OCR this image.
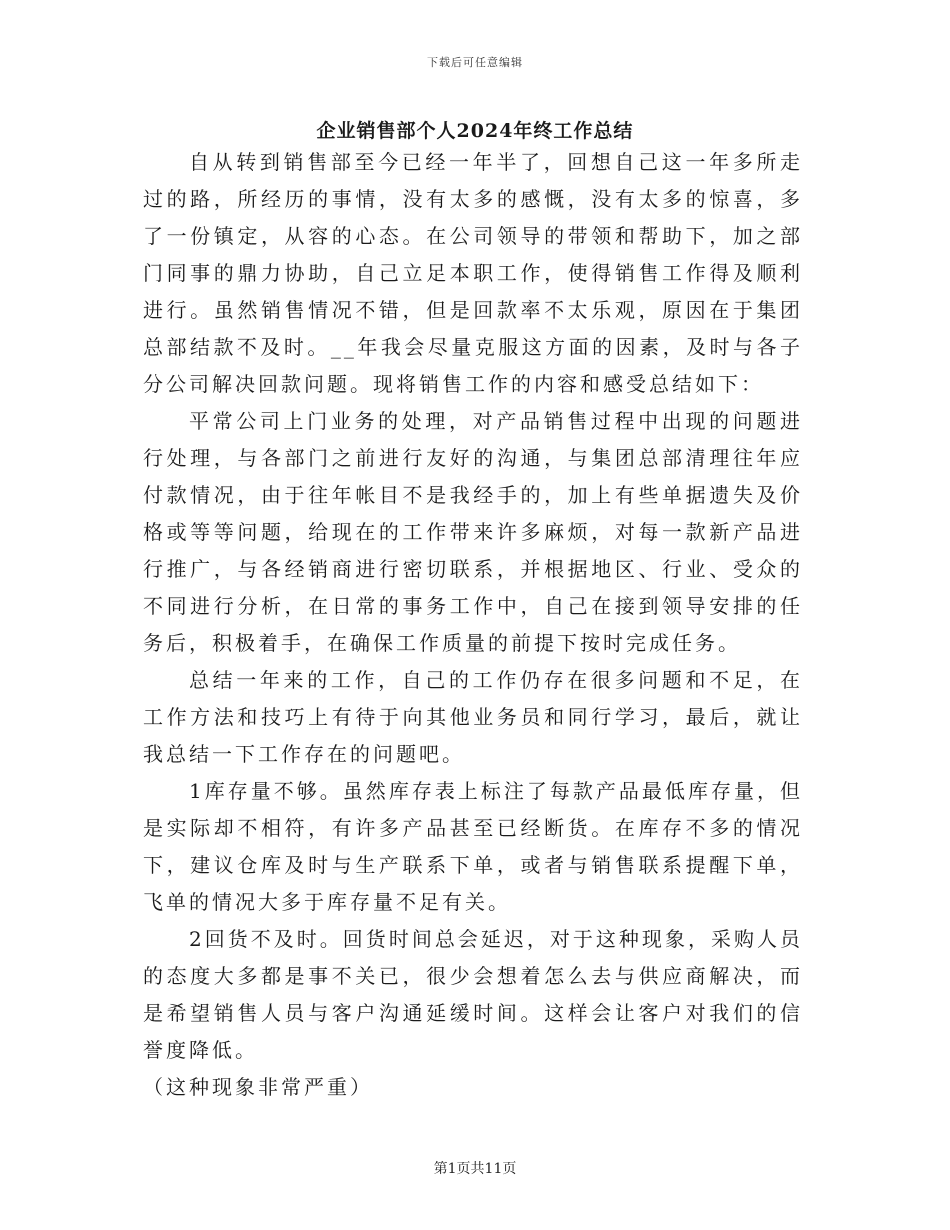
下载后可任意编辑
企业销售部个人2024年终工作总结

自从转到销售部至今已经一年半了，回想自己这一年多所走过的路，所经历的事情，没有太多的感慨，没有太多的惊喜，多了一份镇定，从容的心态。在公司领导的带领和帮助下，加之部门同事的鼎力协助，自己立足本职工作，使得销售工作得及顺利进行。虽然销售情况不错，但是回款率不太乐观，原因在于集团总部结款不及时。__年我会尽量克服这方面的因素，及时与各子分公司解决回款问题。现将销售工作的内容和感受总结如下：

平常公司上门业务的处理，对产品销售过程中出现的问题进行处理，与各部门之前进行友好的沟通，与集团总部清理往年应付款情况，由于往年帐目不是我经手的，加上有些单据遗失及价格或等等问题，给现在的工作带来许多麻烦，对每一款新产品进行推广，与各经销商进行密切联系，并根据地区、行业、受众的不同进行分析，在日常的事务工作中，自己在接到领导安排的任务后，积极着手，在确保工作质量的前提下按时完成任务。

总结一年来的工作，自己的工作仍存在很多问题和不足，在工作方法和技巧上有待于向其他业务员和同行学习，最后，就让我总结一下工作存在的问题吧。

1库存量不够。虽然库存表上标注了每款产品最低库存量，但是实际却不相符，有许多产品甚至已经断货。在库存不多的情况下，建议仓库及时与生产联系下单，或者与销售联系提醒下单，飞单的情况大多于库存量不足有关。

2回货不及时。回货时间总会延迟，对于这种现象，采购人员的态度大多都是事不关已，很少会想着怎么去与供应商解决，而是希望销售人员与客户沟通延缓时间。这样会让客户对我们的信誉度降低。

（这种现象非常严重）

第1页共11页
